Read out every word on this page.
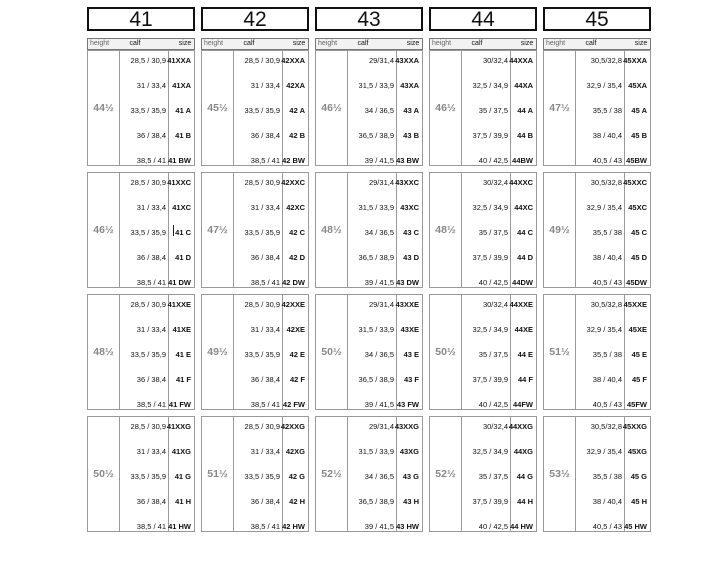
41
height	calf	size
44½
28,5 / 30,9 41XXA
31 / 33,4 41XA
33,5 / 35,9	41 A
36 / 38,4	41 B
38,5 / 41 41 BW
46½
28,5 / 30,9 41XXC
31 / 33,4 41XC
33,5 / 35,9	41 C
36 / 38,4	41 D
38,5 / 41 41 DW
48½
28,5 / 30,9 41XXE
31 / 33,4 41XE
33,5 / 35,9	41 E
36 / 38,4	41 F
38,5 / 41 41 FW
50½
28,5 / 30,9 41XXG
31 / 33,4 41XG
33,5 / 35,9	41 G
36 / 38,4	41 H
38,5 / 41 41 HW
42
height	calf	size
45½
28,5 / 30,9 42XXA
31 / 33,4 42XA
33,5 / 35,9	42 A
36 / 38,4	42 B
38,5 / 41 42 BW
47½
28,5 / 30,9 42XXC
31 / 33,4 42XC
33,5 / 35,9	42 C
36 / 38,4	42 D
38,5 / 41 42 DW
49½
28,5 / 30,9 42XXE
31 / 33,4 42XE
33,5 / 35,9	42 E
36 / 38,4	42 F
38,5 / 41 42 FW
51½
28,5 / 30,9 42XXG
31 / 33,4 42XG
33,5 / 35,9	42 G
36 / 38,4	42 H
38,5 / 41 42 HW
43
height	calf	size
46½
29/31,4 43XXA
31,5 / 33,9 43XA
34 / 36,5	43 A
36,5 / 38,9	43 B
39 / 41,5 43 BW
48½
29/31,4 43XXC
31,5 / 33,9 43XC
34 / 36,5	43 C
36,5 / 38,9	43 D
39 / 41,5 43 DW
50½
29/31,4 43XXE
31,5 / 33,9 43XE
34 / 36,5	43 E
36,5 / 38,9	43 F
39 / 41,5 43 FW
52½
29/31,4 43XXG
31,5 / 33,9 43XG
34 / 36,5	43 G
36,5 / 38,9	43 H
39 / 41,5 43 HW
44
height	calf	size
46½
30/32,4 44XXA
32,5 / 34,9 44XA
35 / 37,5	44 A
37,5 / 39,9	44 B
40 / 42,5 44BW
48½
30/32,4 44XXC
32,5 / 34,9 44XC
35 / 37,5	44 C
37,5 / 39,9	44 D
40 / 42,5 44DW
50½
30/32,4 44XXE
32,5 / 34,9 44XE
35 / 37,5	44 E
37,5 / 39,9	44 F
40 / 42,5 44FW
52½
30/32,4 44XXG
32,5 / 34,9 44XG
35 / 37,5	44 G
37,5 / 39,9	44 H
40 / 42,5 44 HW
45
height	calf	size
47½
30,5/32,8 45XXA
32,9 / 35,4 45XA
35,5 / 38	45 A
38 / 40,4	45 B
40,5 / 43 45BW
49½
30,5/32,8 45XXC
32,9 / 35,4 45XC
35,5 / 38	45 C
38 / 40,4	45 D
40,5 / 43 45DW
51½
30,5/32,8 45XXE
32,9 / 35,4 45XE
35,5 / 38	45 E
38 / 40,4	45 F
40,5 / 43 45FW
53½
30,5/32,8 45XXG
32,9 / 35,4 45XG
35,5 / 38	45 G
38 / 40,4	45 H
40,5 / 43 45 HW
